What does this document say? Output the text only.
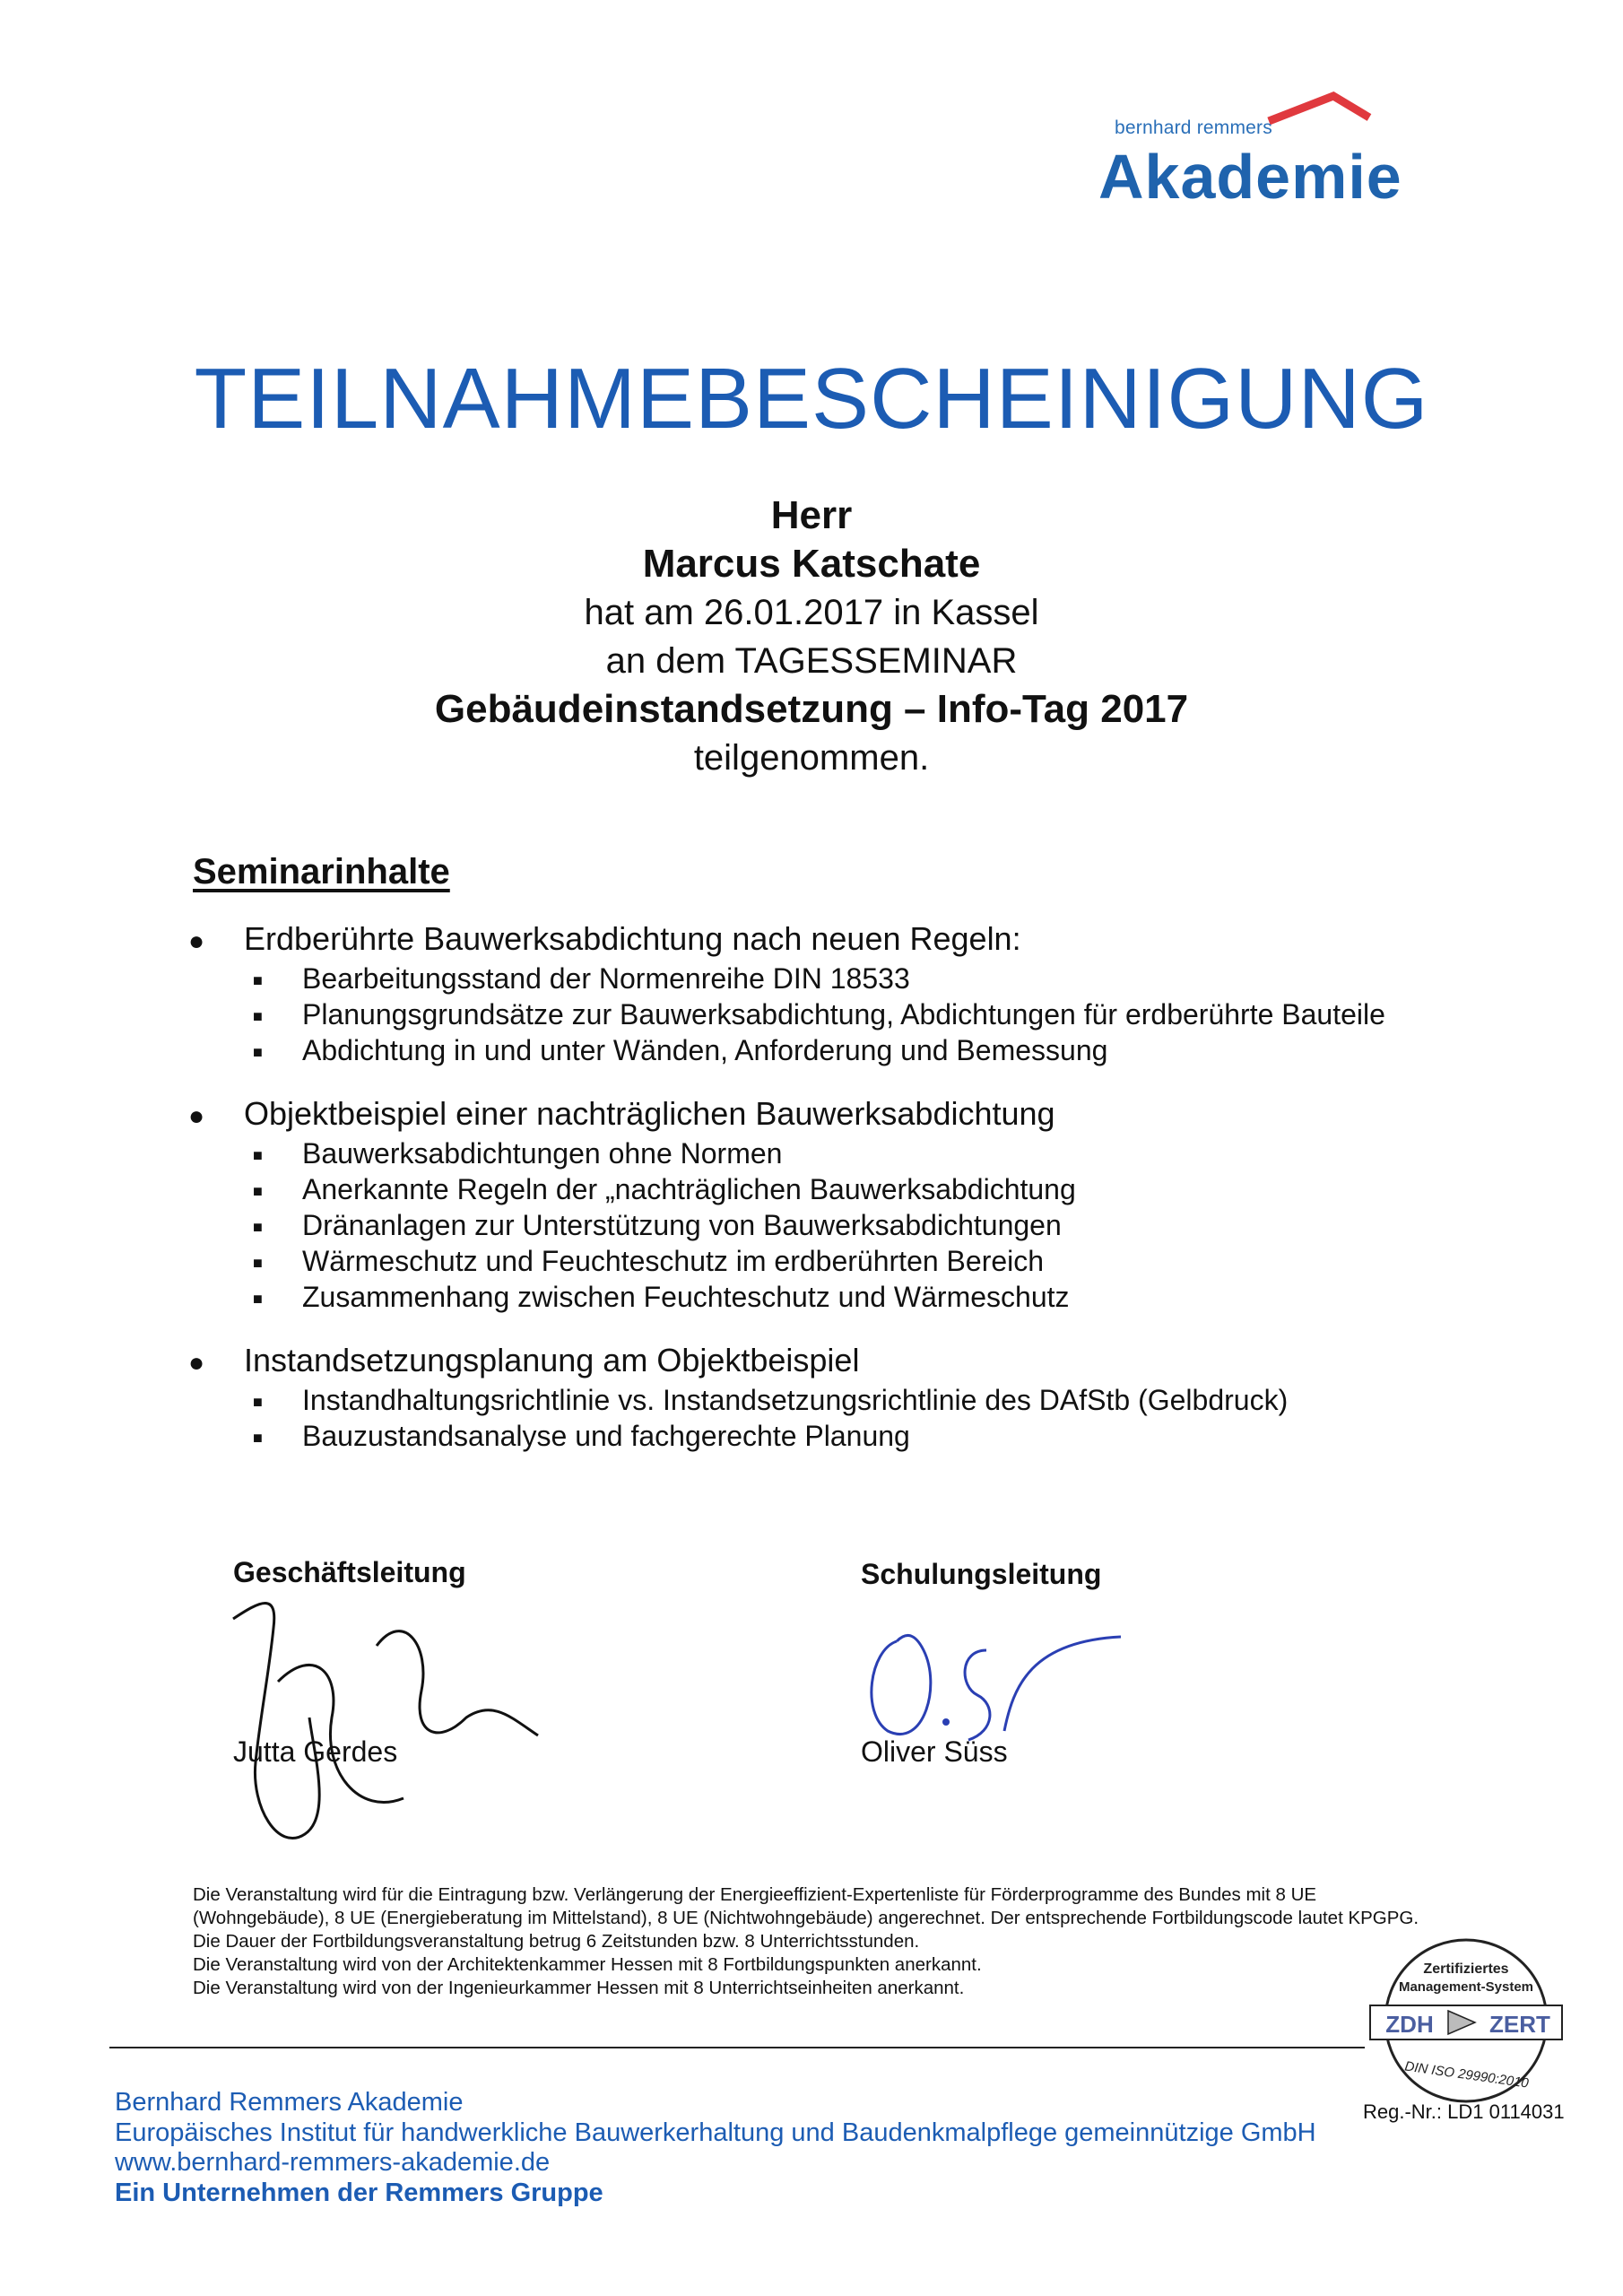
bernhard remmers
Akademie
TEILNAHMEBESCHEINIGUNG
Herr
Marcus Katschate
hat am 26.01.2017 in Kassel
an dem TAGESSEMINAR
Gebäudeinstandsetzung – Info-Tag 2017
teilgenommen.
Seminarinhalte
●	Erdberührte Bauwerksabdichtung nach neuen Regeln:
■	Bearbeitungsstand der Normenreihe DIN 18533
■	Planungsgrundsätze zur Bauwerksabdichtung, Abdichtungen für erdberührte Bauteile
■	Abdichtung in und unter Wänden, Anforderung und Bemessung
●	Objektbeispiel einer nachträglichen Bauwerksabdichtung
■	Bauwerksabdichtungen ohne Normen
■	Anerkannte Regeln der „nachträglichen Bauwerksabdichtung
■	Dränanlagen zur Unterstützung von Bauwerksabdichtungen
■	Wärmeschutz und Feuchteschutz im erdberührten Bereich
■	Zusammenhang zwischen Feuchteschutz und Wärmeschutz
●	Instandsetzungsplanung am Objektbeispiel
■	Instandhaltungsrichtlinie vs. Instandsetzungsrichtlinie des DAfStb (Gelbdruck)
■	Bauzustandsanalyse und fachgerechte Planung
Geschäftsleitung
Jutta Gerdes
Schulungsleitung
Oliver Süss

Die Veranstaltung wird für die Eintragung bzw. Verlängerung der Energieeffizient-Expertenliste für Förderprogramme des Bundes mit 8 UE (Wohngebäude), 8 UE (Energieberatung im Mittelstand), 8 UE (Nichtwohngebäude) angerechnet. Der entsprechende Fortbildungscode lautet KPGPG.

Die Dauer der Fortbildungsveranstaltung betrug 6 Zeitstunden bzw. 8 Unterrichtsstunden.

Die Veranstaltung wird von der Architektenkammer Hessen mit 8 Fortbildungspunkten anerkannt.

Die Veranstaltung wird von der Ingenieurkammer Hessen mit 8 Unterrichtseinheiten anerkannt.

Zertifiziertes
Management-System
ZDH ZERT
DIN ISO 29990:2010
Reg.-Nr.: LD1 0114031
Bernhard Remmers Akademie
Europäisches Institut für handwerkliche Bauwerkerhaltung und Baudenkmalpflege gemeinnützige GmbH
www.bernhard-remmers-akademie.de
Ein Unternehmen der Remmers Gruppe
